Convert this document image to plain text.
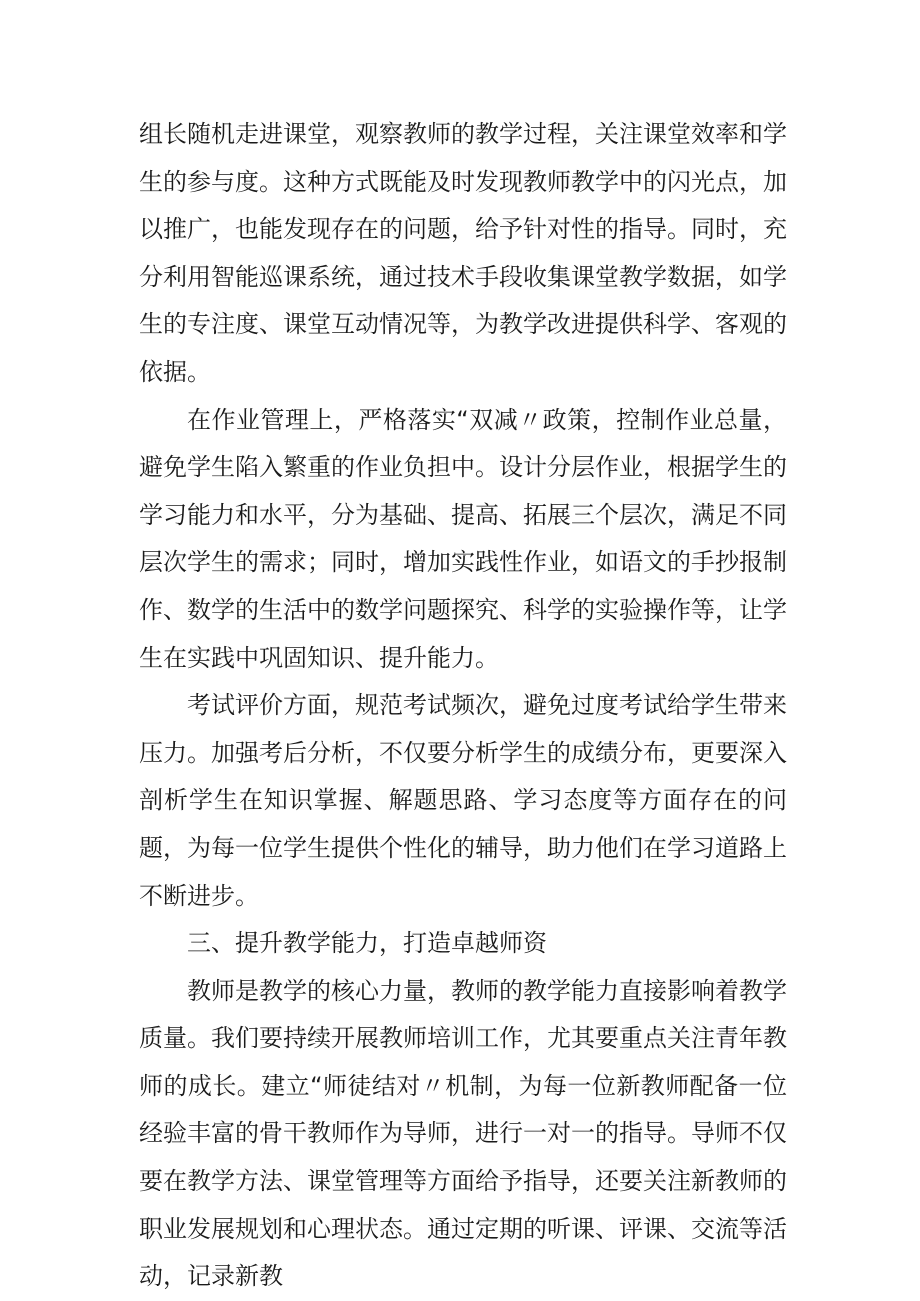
组长随机走进课堂，观察教师的教学过程，关注课堂效率和学生的参与度。这种方式既能及时发现教师教学中的闪光点，加以推广，也能发现存在的问题，给予针对性的指导。同时，充分利用智能巡课系统，通过技术手段收集课堂教学数据，如学生的专注度、课堂互动情况等，为教学改进提供科学、客观的依据。

在作业管理上，严格落实“双减〃政策，控制作业总量，避免学生陷入繁重的作业负担中。设计分层作业，根据学生的学习能力和水平，分为基础、提高、拓展三个层次，满足不同层次学生的需求；同时，增加实践性作业，如语文的手抄报制作、数学的生活中的数学问题探究、科学的实验操作等，让学生在实践中巩固知识、提升能力。

考试评价方面，规范考试频次，避免过度考试给学生带来压力。加强考后分析，不仅要分析学生的成绩分布，更要深入剖析学生在知识掌握、解题思路、学习态度等方面存在的问题，为每一位学生提供个性化的辅导，助力他们在学习道路上不断进步。

三、提升教学能力，打造卓越师资

教师是教学的核心力量，教师的教学能力直接影响着教学质量。我们要持续开展教师培训工作，尤其要重点关注青年教师的成长。建立“师徒结对〃机制，为每一位新教师配备一位经验丰富的骨干教师作为导师，进行一对一的指导。导师不仅要在教学方法、课堂管理等方面给予指导，还要关注新教师的职业发展规划和心理状态。通过定期的听课、评课、交流等活动，记录新教
